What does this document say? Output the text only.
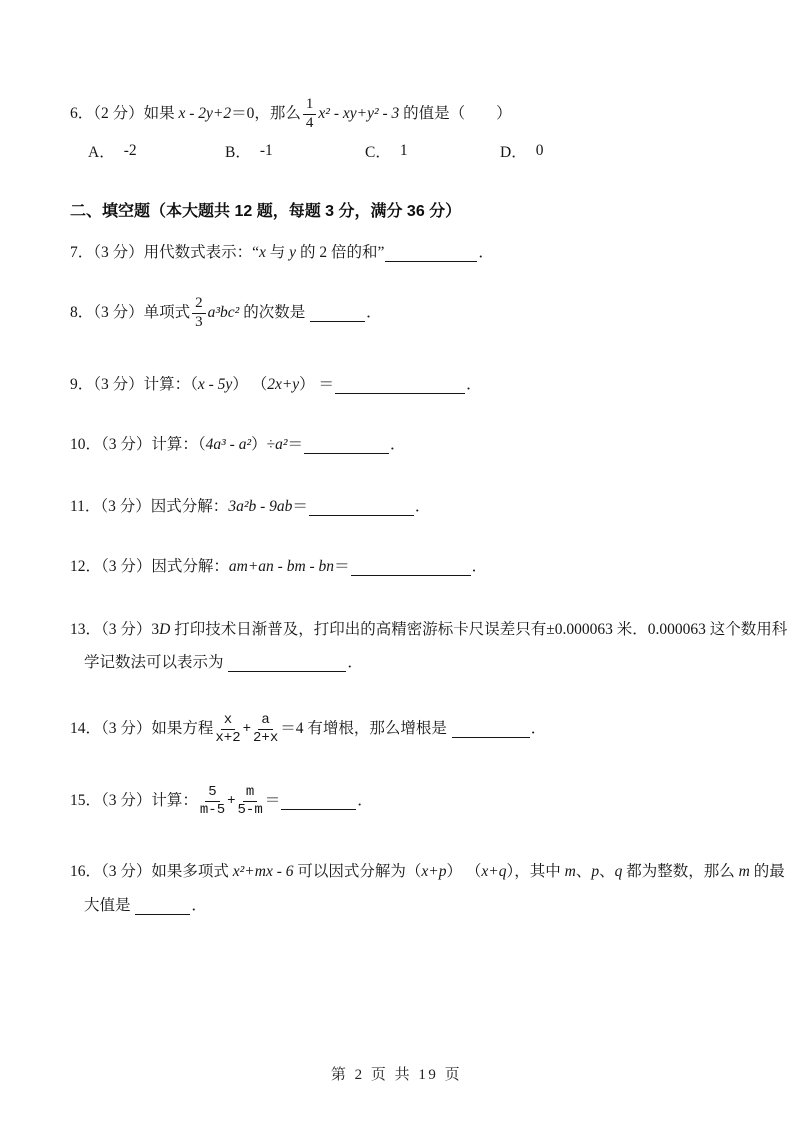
二、填空题（本大题共 12 题，每题 3 分，满分 36 分）
A． -2	B． -1	C． 1	D． 0
第 2 页 共 19 页
6．（2 分）如果 x - 2y+2 ＝0，那么 $\frac{1}{4} x^2 - xy+y^2 - 3$ 的值是（　　）
7．（3 分）用代数式表示：“ x 与 y 的 2 倍的和”	．
8．（3 分）单项式 $\frac{2}{3} a^3bc^2$ 的次数是	．
9．（3 分）计算：（ x - 5y ） （ 2x+y ） ＝	．
10．（3 分）计算：（ 4a³ - a² ）÷ a² ＝	．
11．（3 分）因式分解： 3a²b - 9ab ＝	．
12．（3 分）因式分解： am+an - bm - bn ＝	．
13．（3 分）3 D 打印技术日渐普及，打印出的高精密游标卡尺误差只有±0.000063 米．0.000063 这个数用科
学记数法可以表示为	．
14．（3 分）如果方程 $\frac{x}{x+2} + \frac{a}{2+x} =4$ 有增根，那么增根是	．
15．（3 分）计算： $\frac{5}{m-5} + \frac{m}{5-m}$ ＝	．
16．（3 分）如果多项式 x²+mx - 6 可以因式分解为（ x+p ） （ x+q ），其中 m 、 p 、 q 都为整数，那么 m 的最
大值是	．
